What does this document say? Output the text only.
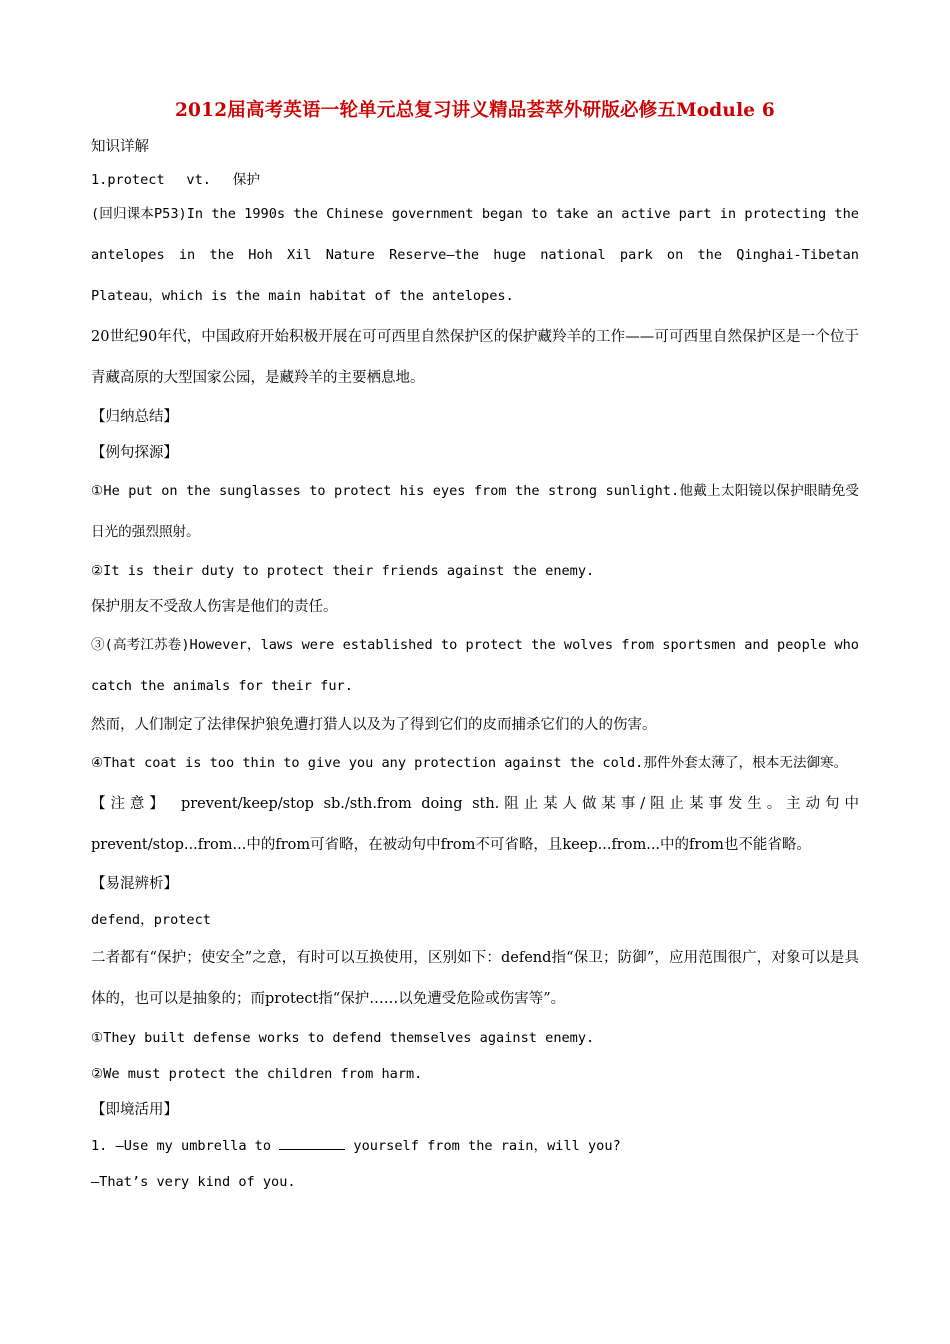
2012届高考英语一轮单元总复习讲义精品荟萃外研版必修五Module 6

知识详解

1.protect　 vt.　 保护

(回归课本P53)In the 1990s the Chinese government began to take an active part in protecting the antelopes in the Hoh Xil Nature Reserve—the huge national park on the Qinghai-Tibetan Plateau，which is the main habitat of the antelopes.

20世纪90年代，中国政府开始积极开展在可可西里自然保护区的保护藏羚羊的工作——可可西里自然保护区是一个位于青藏高原的大型国家公园，是藏羚羊的主要栖息地。

【归纳总结】

【例句探源】

①He put on the sunglasses to protect his eyes from the strong sunlight.他戴上太阳镜以保护眼睛免受日光的强烈照射。

②It is their duty to protect their friends against the enemy.

保护朋友不受敌人伤害是他们的责任。

③(高考江苏卷)However，laws were established to protect the wolves from sportsmen and people who catch the animals for their fur.

然而，人们制定了法律保护狼免遭打猎人以及为了得到它们的皮而捕杀它们的人的伤害。

④That coat is too thin to give you any protection against the cold.那件外套太薄了，根本无法御寒。

【注意】　prevent/keep/stop sb./sth.from doing sth.阻止某人做某事/阻止某事发生。主动句中prevent/stop...from...中的from可省略，在被动句中from不可省略，且keep...from...中的from也不能省略。

【易混辨析】

defend，protect

二者都有“保护；使安全”之意，有时可以互换使用，区别如下：defend指“保卫；防御”，应用范围很广，对象可以是具体的，也可以是抽象的；而protect指“保护……以免遭受危险或伤害等”。

①They built defense works to defend themselves against enemy.

②We must protect the children from harm.

【即境活用】

1. —Use my umbrella to	yourself from the rain，will you?

—That’s very kind of you.
